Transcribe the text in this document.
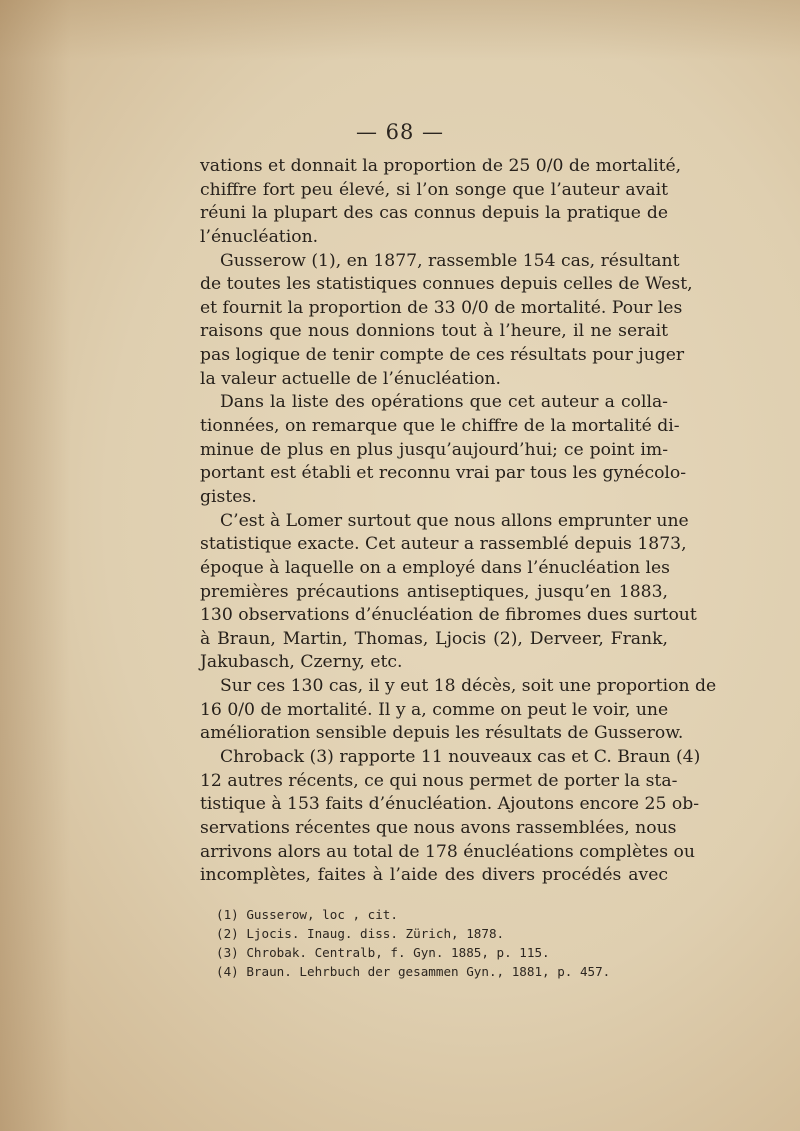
— 68 —

vations et donnait la proportion de 25 0/0 de mortalité,
chiffre fort peu élevé, si l’on songe que l’auteur avait
réuni la plupart des cas connus depuis la pratique de
l’énucléation.

Gusserow (1), en 1877, rassemble 154 cas, résultant
de toutes les statistiques connues depuis celles de West,
et fournit la proportion de 33 0/0 de mortalité. Pour les
raisons que nous donnions tout à l’heure, il ne serait
pas logique de tenir compte de ces résultats pour juger
la valeur actuelle de l’énucléation.

Dans la liste des opérations que cet auteur a colla-
tionnées, on remarque que le chiffre de la mortalité di-
minue de plus en plus jusqu’aujourd’hui; ce point im-
portant est établi et reconnu vrai par tous les gynécolo-
gistes.

C’est à Lomer surtout que nous allons emprunter une
statistique exacte. Cet auteur a rassemblé depuis 1873,
époque à laquelle on a employé dans l’énucléation les
premières précautions antiseptiques, jusqu’en 1883,
130 observations d’énucléation de fibromes dues surtout
à Braun, Martin, Thomas, Ljocis (2), Derveer, Frank,
Jakubasch, Czerny, etc.

Sur ces 130 cas, il y eut 18 décès, soit une proportion de
16 0/0 de mortalité. Il y a, comme on peut le voir, une
amélioration sensible depuis les résultats de Gusserow.

Chroback (3) rapporte 11 nouveaux cas et C. Braun (4)
12 autres récents, ce qui nous permet de porter la sta-
tistique à 153 faits d’énucléation. Ajoutons encore 25 ob-
servations récentes que nous avons rassemblées, nous
arrivons alors au total de 178 énucléations complètes ou
incomplètes, faites à l’aide des divers procédés avec

(1) Gusserow, loc , cit.
(2) Ljocis. Inaug. diss. Zürich, 1878.
(3) Chrobak. Centralb, f. Gyn. 1885, p. 115.
(4) Braun. Lehrbuch der gesammen Gyn., 1881, p. 457.
